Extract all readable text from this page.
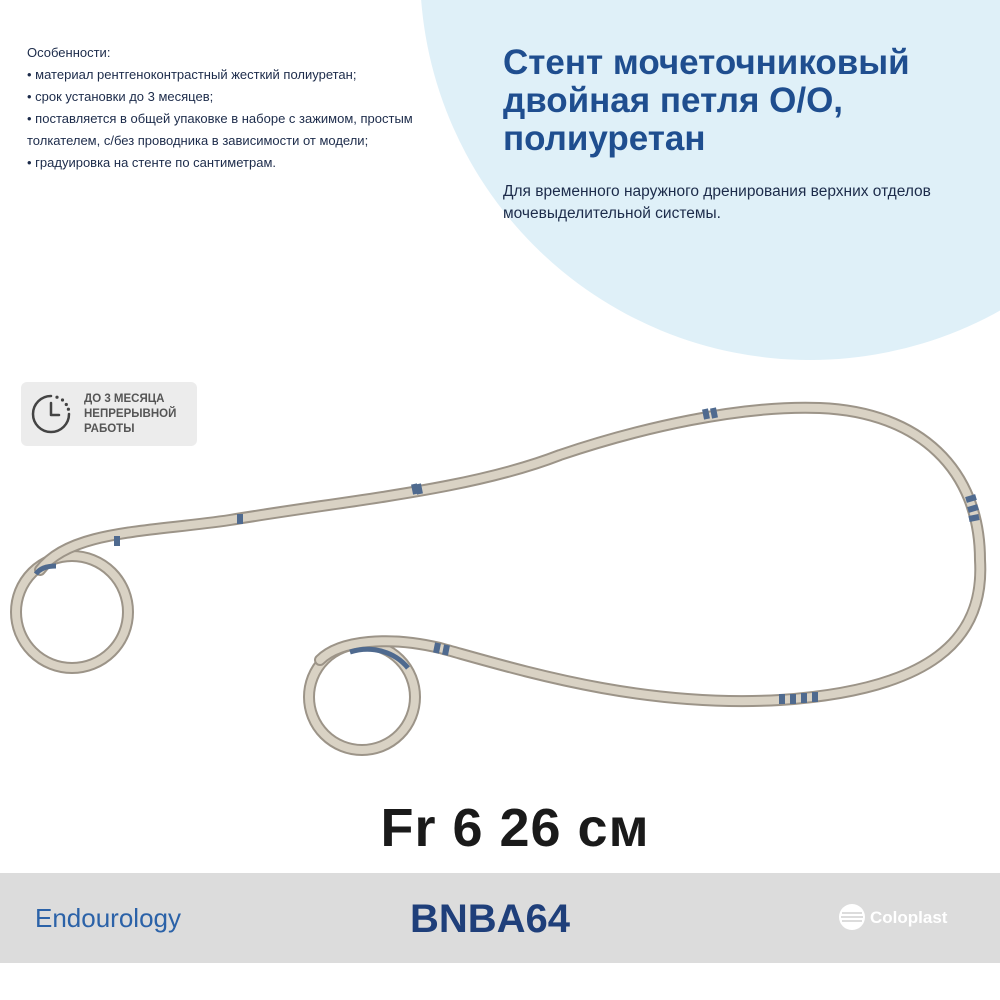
Особенности:
• материал рентгеноконтрастный жесткий полиуретан;
• срок установки до 3 месяцев;
• поставляется в общей упаковке в наборе с зажимом, простым толкателем, с/без проводника в зависимости от модели;
• градуировка на стенте по сантиметрам.
Стент мочеточниковый
двойная петля О/О,
полиуретан
Для временного наружного дренирования верхних отделов мочевыделительной системы.
ДО 3 МЕСЯЦА
НЕПРЕРЫВНОЙ
РАБОТЫ
Fr 6 26 см
Endourology	BNBA64	Coloplast
